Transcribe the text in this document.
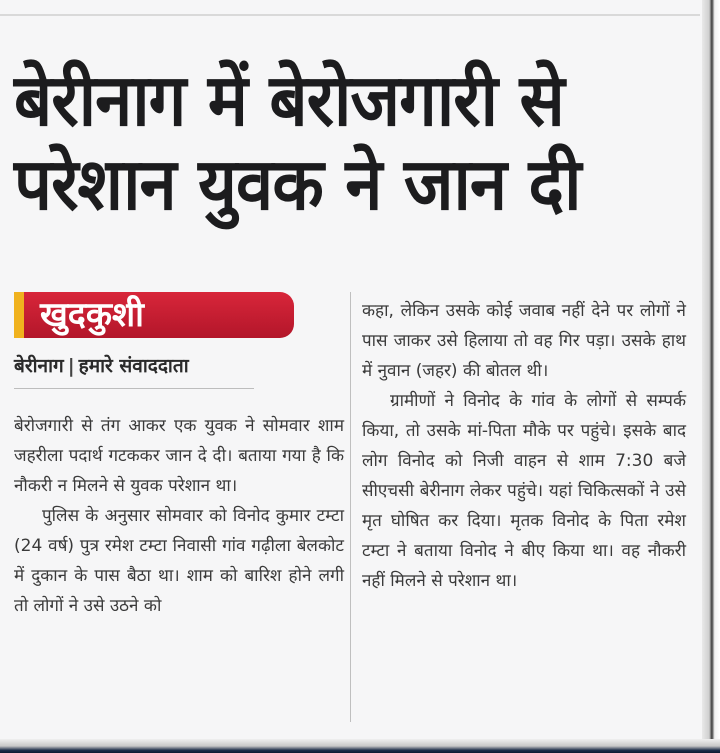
बेरीनाग में बेरोजगारी से
परेशान युवक ने जान दी
खुदकुशी
बेरीनाग | हमारे संवाददाता

बेरोजगारी से तंग आकर एक युवक ने सोमवार शाम जहरीला पदार्थ गटककर जान दे दी। बताया गया है कि नौकरी न मिलने से युवक परेशान था।

पुलिस के अनुसार सोमवार को विनोद कुमार टम्टा (24 वर्ष) पुत्र रमेश टम्टा निवासी गांव गढ़ीला बेलकोट में दुकान के पास बैठा था। शाम को बारिश होने लगी तो लोगों ने उसे उठने को

कहा, लेकिन उसके कोई जवाब नहीं देने पर लोगों ने पास जाकर उसे हिलाया तो वह गिर पड़ा। उसके हाथ में नुवान (जहर) की बोतल थी।

ग्रामीणों ने विनोद के गांव के लोगों से सम्पर्क किया, तो उसके मां-पिता मौके पर पहुंचे। इसके बाद लोग विनोद को निजी वाहन से शाम 7:30 बजे सीएचसी बेरीनाग लेकर पहुंचे। यहां चिकित्सकों ने उसे मृत घोषित कर दिया। मृतक विनोद के पिता रमेश टम्टा ने बताया विनोद ने बीए किया था। वह नौकरी नहीं मिलने से परेशान था।
